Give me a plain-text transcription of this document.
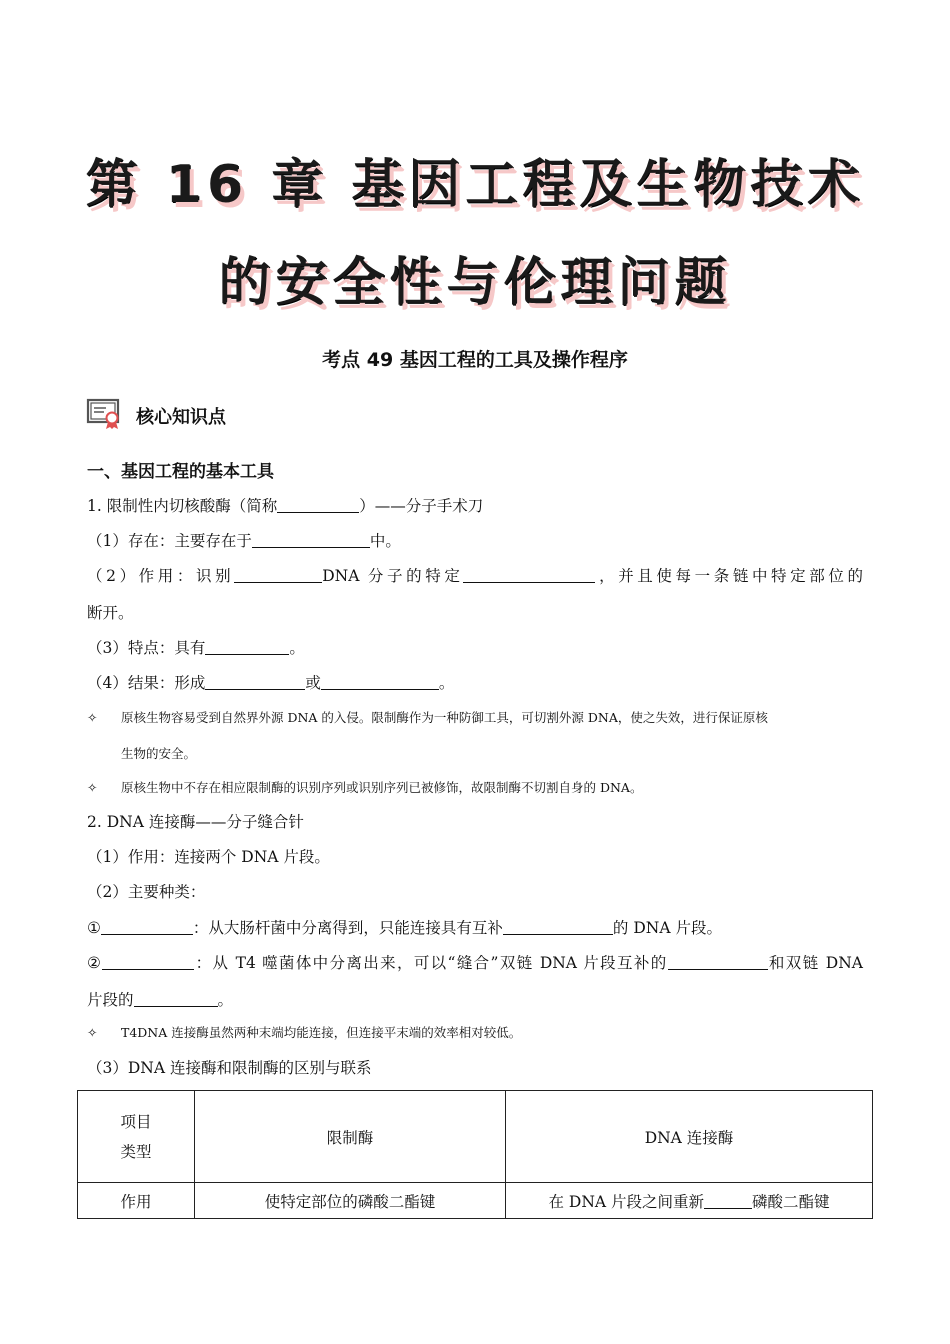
第 16 章 基因工程及生物技术
的安全性与伦理问题
考点 49 基因工程的工具及操作程序
核心知识点
一、基因工程的基本工具
1. 限制性内切核酸酶（简称	）——分子手术刀
（1）存在：主要存在于	中。
（2）作用：识别	DNA 分子的特定	，并且使每一条链中特定部位的
断开。
（3）特点：具有	。
（4）结果：形成	或	。
✧ 原核生物容易受到自然界外源 DNA 的入侵。限制酶作为一种防御工具，可切割外源 DNA，使之失效，进行保证原核
生物的安全。
✧ 原核生物中不存在相应限制酶的识别序列或识别序列已被修饰，故限制酶不切割自身的 DNA。
2. DNA 连接酶——分子缝合针
（1）作用：连接两个 DNA 片段。
（2）主要种类：
①	：从大肠杆菌中分离得到，只能连接具有互补	的 DNA 片段。
②	：从 T4 噬菌体中分离出来，可以“缝合”双链 DNA 片段互补的	和双链 DNA
片段的	。
✧ T4DNA 连接酶虽然两种末端均能连接，但连接平末端的效率相对较低。
（3）DNA 连接酶和限制酶的区别与联系
项目
类型	限制酶	DNA 连接酶
作用	使特定部位的磷酸二酯键	在 DNA 片段之间重新 磷酸二酯键
